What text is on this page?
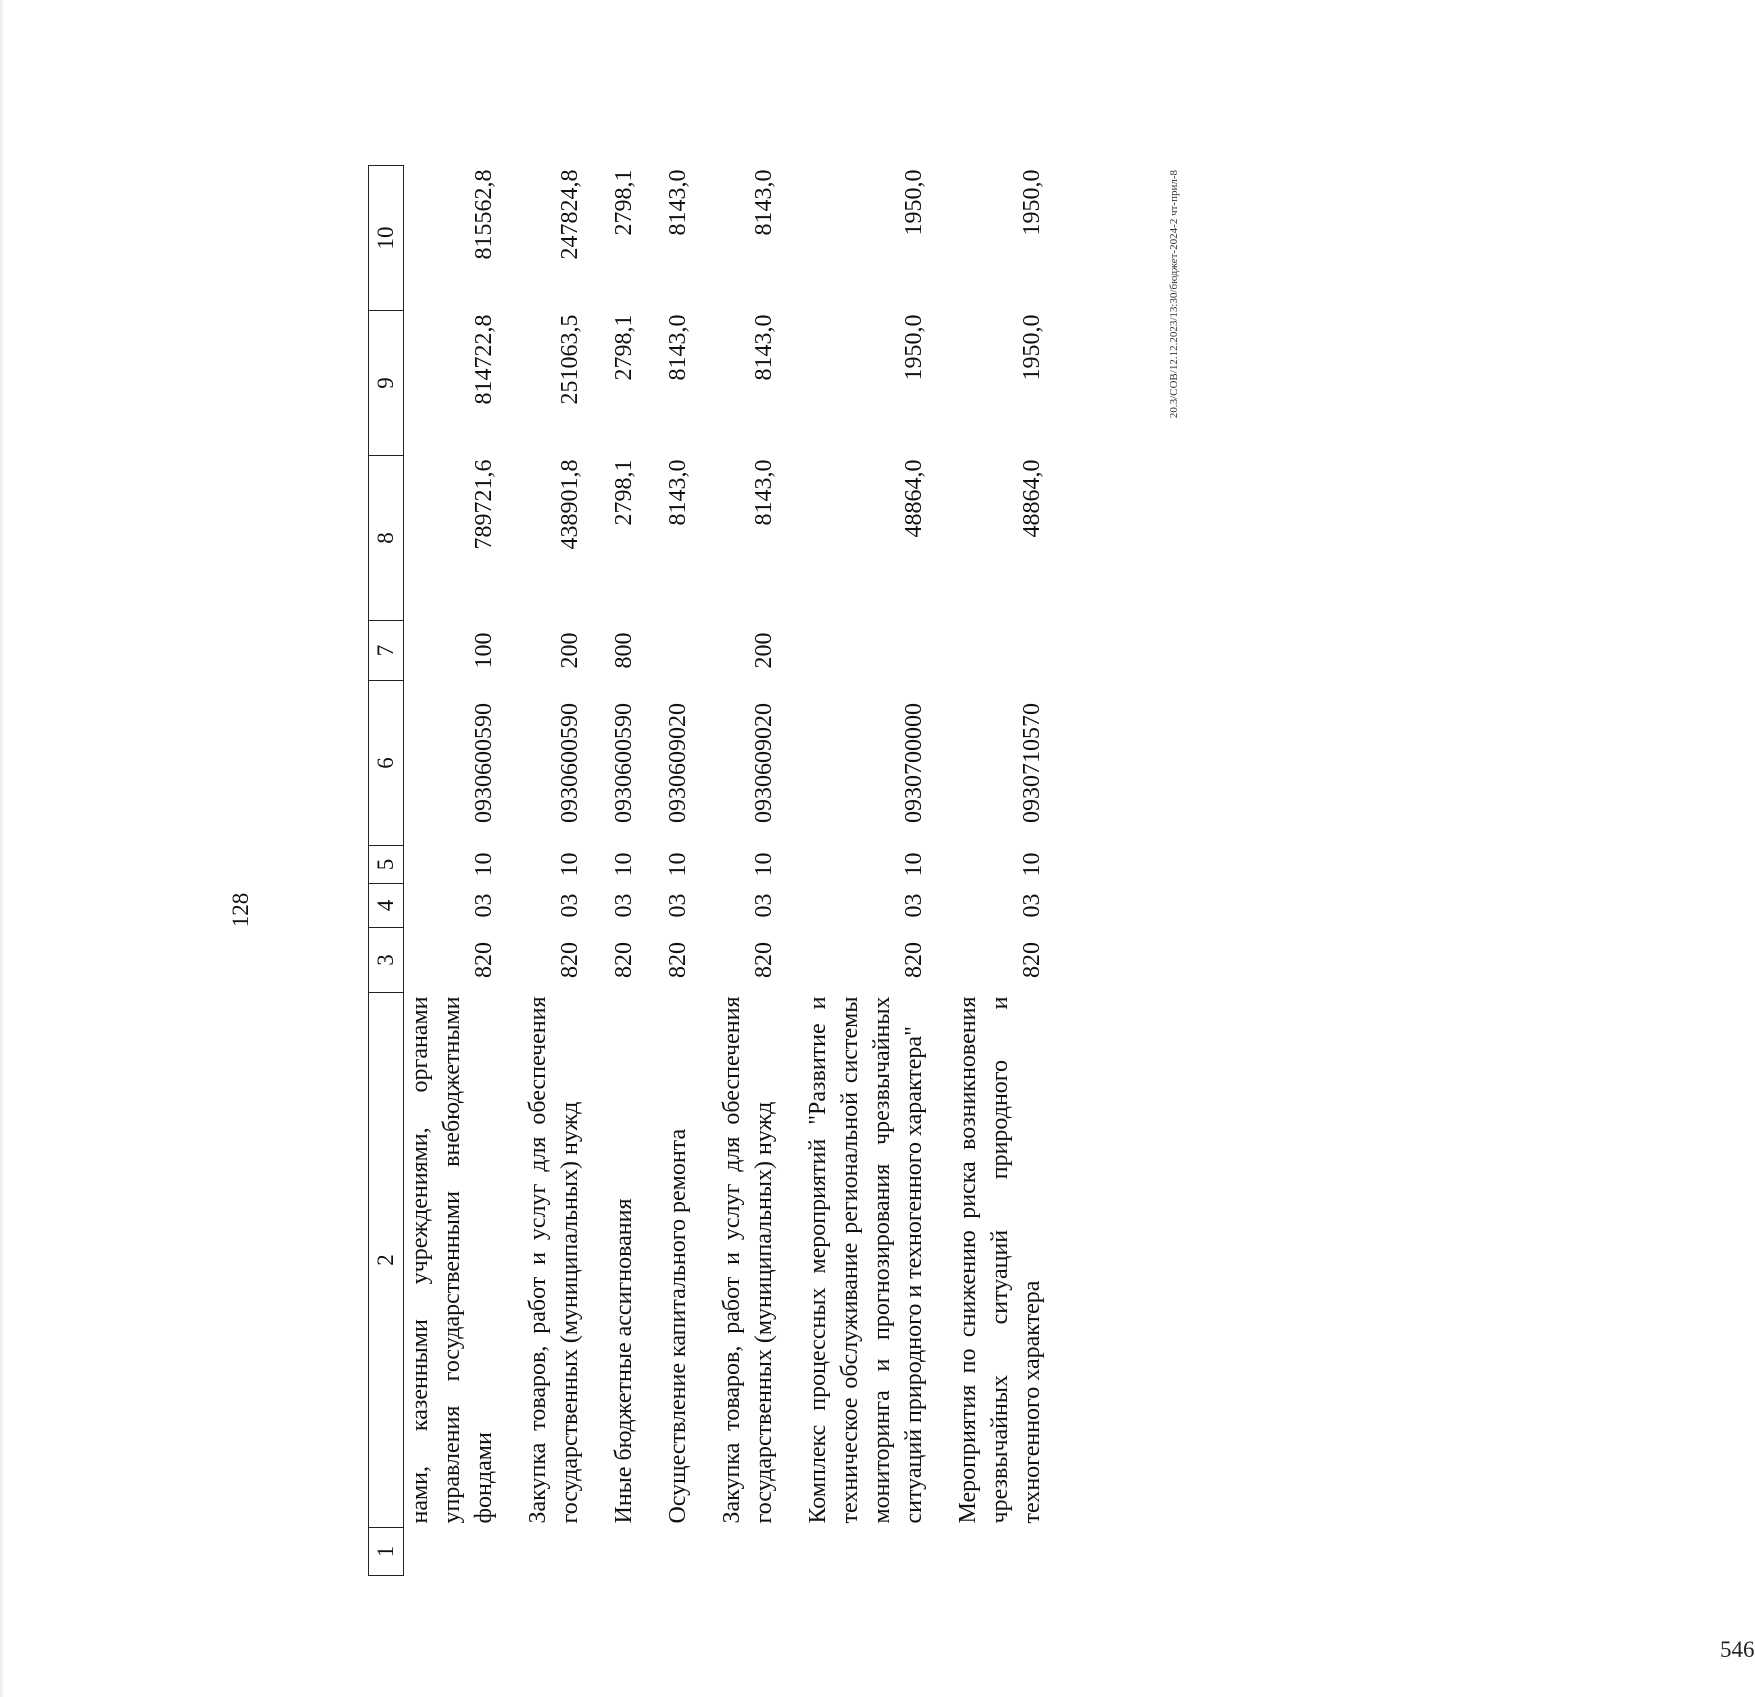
128
1	2	3	4	5	6	7	8	9	10
	нами, казенными учреждениями, органами управления государственными внебюджетными фондами	820	03	10	0930600590	100	789721,6	814722,8	815562,8
	Закупка товаров, работ и услуг для обеспечения государственных (муниципальных) нужд	820	03	10	0930600590	200	438901,8	251063,5	247824,8
	Иные бюджетные ассигнования	820	03	10	0930600590	800	2798,1	2798,1	2798,1
	Осуществление капитального ремонта	820	03	10	0930609020		8143,0	8143,0	8143,0
	Закупка товаров, работ и услуг для обеспечения государственных (муниципальных) нужд	820	03	10	0930609020	200	8143,0	8143,0	8143,0
	Комплекс процессных мероприятий "Развитие и техническое обслуживание региональной системы мониторинга и прогнозирования чрезвычайных ситуаций природного и техногенного характера"	820	03	10	0930700000		48864,0	1950,0	1950,0
	Мероприятия по снижению риска возникновения чрезвычайных ситуаций природного и техногенного характера	820	03	10	0930710570		48864,0	1950,0	1950,0	20.3/СОВ/12.12.2023/13:30/бюджет-2024-2 чт-прил-8
546
